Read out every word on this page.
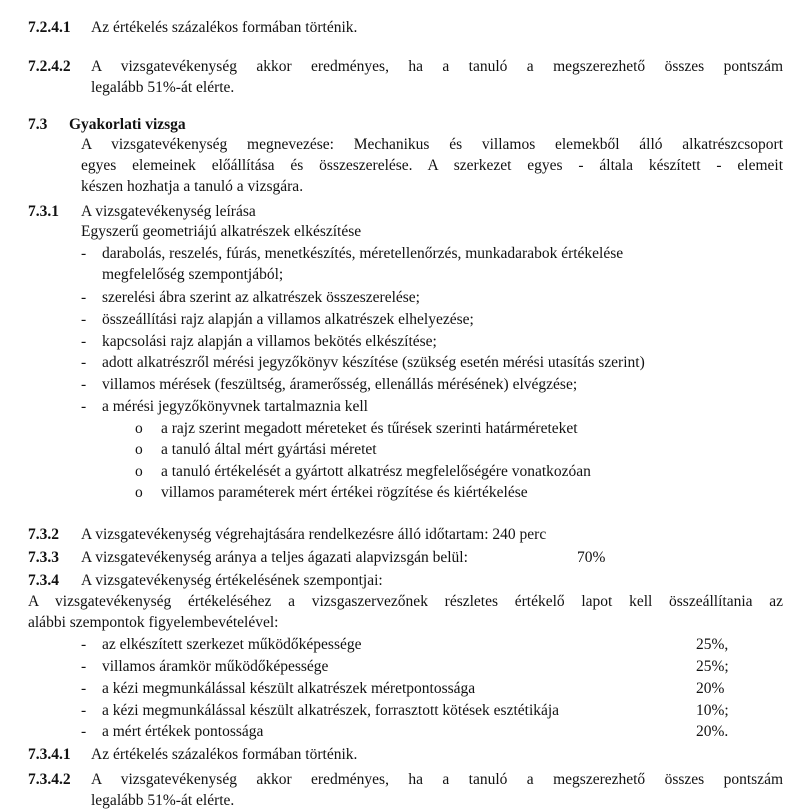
7.2.4.1 Az értékelés százalékos formában történik.
7.2.4.2 A vizsgatevékenység akkor eredményes, ha a tanuló a megszerezhető összes pontszám
legalább 51%-át elérte.
7.3 Gyakorlati vizsga
A vizsgatevékenység megnevezése: Mechanikus és villamos elemekből álló alkatrészcsoport
egyes elemeinek előállítása és összeszerelése. A szerkezet egyes - általa készített - elemeit
készen hozhatja a tanuló a vizsgára.
7.3.1 A vizsgatevékenység leírása
Egyszerű geometriájú alkatrészek elkészítése
- darabolás, reszelés, fúrás, menetkészítés, méretellenőrzés, munkadarabok értékelése
megfelelőség szempontjából;
- szerelési ábra szerint az alkatrészek összeszerelése;
- összeállítási rajz alapján a villamos alkatrészek elhelyezése;
- kapcsolási rajz alapján a villamos bekötés elkészítése;
- adott alkatrészről mérési jegyzőkönyv készítése (szükség esetén mérési utasítás szerint)
- villamos mérések (feszültség, áramerősség, ellenállás mérésének) elvégzése;
- a mérési jegyzőkönyvnek tartalmaznia kell
o a rajz szerint megadott méreteket és tűrések szerinti határméreteket
o a tanuló által mért gyártási méretet
o a tanuló értékelését a gyártott alkatrész megfelelőségére vonatkozóan
o villamos paraméterek mért értékei rögzítése és kiértékelése
7.3.2 A vizsgatevékenység végrehajtására rendelkezésre álló időtartam: 240 perc
7.3.3 A vizsgatevékenység aránya a teljes ágazati alapvizsgán belül:	70%
7.3.4 A vizsgatevékenység értékelésének szempontjai:
A vizsgatevékenység értékeléséhez a vizsgaszervezőnek részletes értékelő lapot kell összeállítania az
alábbi szempontok figyelembevételével:
- az elkészített szerkezet működőképessége	25%,
- villamos áramkör működőképessége	25%;
- a kézi megmunkálással készült alkatrészek méretpontossága	20%
- a kézi megmunkálással készült alkatrészek, forrasztott kötések esztétikája	10%;
- a mért értékek pontossága	20%.
7.3.4.1 Az értékelés százalékos formában történik.
7.3.4.2 A vizsgatevékenység akkor eredményes, ha a tanuló a megszerezhető összes pontszám
legalább 51%-át elérte.
